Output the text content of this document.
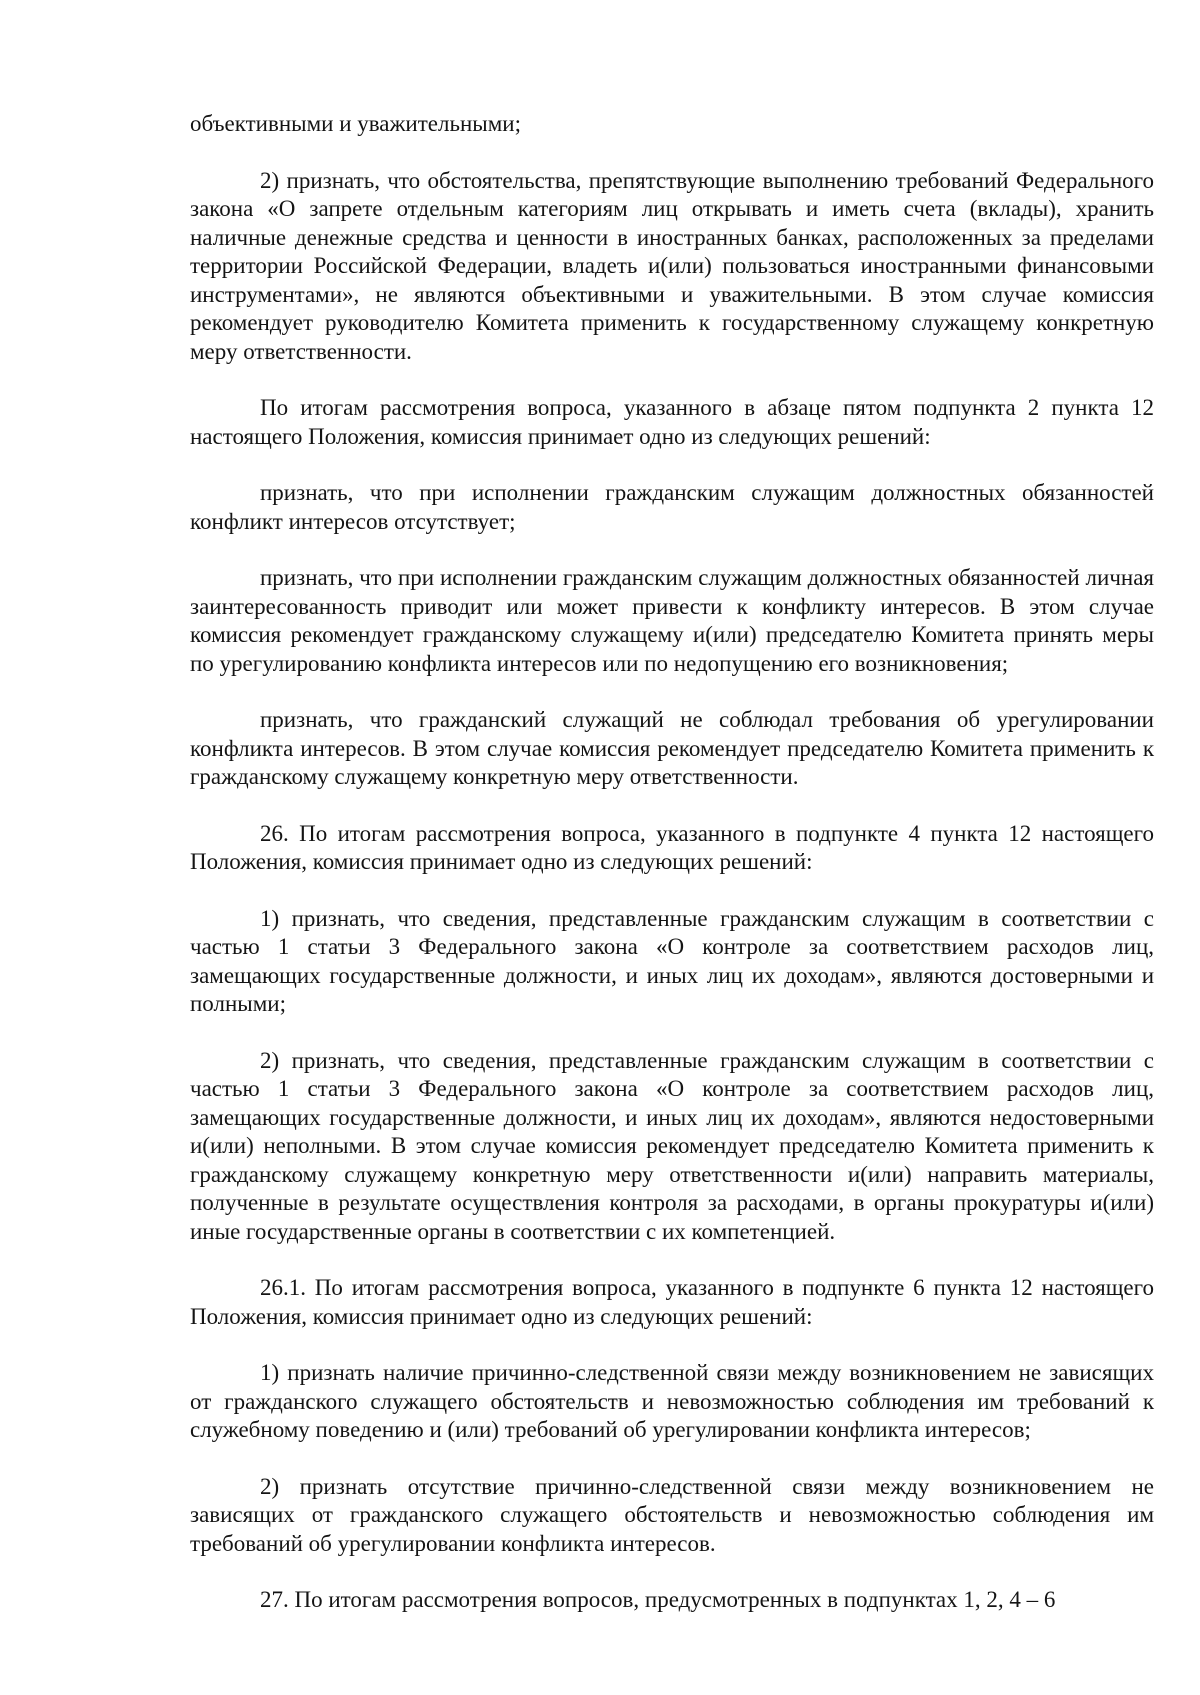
объективными и уважительными;

2) признать, что обстоятельства, препятствующие выполнению требований Федерального закона «О запрете отдельным категориям лиц открывать и иметь счета (вклады), хранить наличные денежные средства и ценности в иностранных банках, расположенных за пределами территории Российской Федерации, владеть и(или) пользоваться иностранными финансовыми инструментами», не являются объективными и уважительными. В этом случае комиссия рекомендует руководителю Комитета применить к государственному служащему конкретную меру ответственности.

По итогам рассмотрения вопроса, указанного в абзаце пятом подпункта 2 пункта 12 настоящего Положения, комиссия принимает одно из следующих решений:

признать, что при исполнении гражданским служащим должностных обязанностей конфликт интересов отсутствует;

признать, что при исполнении гражданским служащим должностных обязанностей личная заинтересованность приводит или может привести к конфликту интересов. В этом случае комиссия рекомендует гражданскому служащему и(или) председателю Комитета принять меры по урегулированию конфликта интересов или по недопущению его возникновения;

признать, что гражданский служащий не соблюдал требования об урегулировании конфликта интересов. В этом случае комиссия рекомендует председателю Комитета применить к гражданскому служащему конкретную меру ответственности.

26. По итогам рассмотрения вопроса, указанного в подпункте 4 пункта 12 настоящего Положения, комиссия принимает одно из следующих решений:

1) признать, что сведения, представленные гражданским служащим в соответствии с частью 1 статьи 3 Федерального закона «О контроле за соответствием расходов лиц, замещающих государственные должности, и иных лиц их доходам», являются достоверными и полными;

2) признать, что сведения, представленные гражданским служащим в соответствии с частью 1 статьи 3 Федерального закона «О контроле за соответствием расходов лиц, замещающих государственные должности, и иных лиц их доходам», являются недостоверными и(или) неполными. В этом случае комиссия рекомендует председателю Комитета применить к гражданскому служащему конкретную меру ответственности и(или) направить материалы, полученные в результате осуществления контроля за расходами, в органы прокуратуры и(или) иные государственные органы в соответствии с их компетенцией.

26.1. По итогам рассмотрения вопроса, указанного в подпункте 6 пункта 12 настоящего Положения, комиссия принимает одно из следующих решений:

1) признать наличие причинно-следственной связи между возникновением не зависящих от гражданского служащего обстоятельств и невозможностью соблюдения им требований к служебному поведению и (или) требований об урегулировании конфликта интересов;

2) признать отсутствие причинно-следственной связи между возникновением не зависящих от гражданского служащего обстоятельств и невозможностью соблюдения им требований об урегулировании конфликта интересов.

27. По итогам рассмотрения вопросов, предусмотренных в подпунктах 1, 2, 4 – 6
